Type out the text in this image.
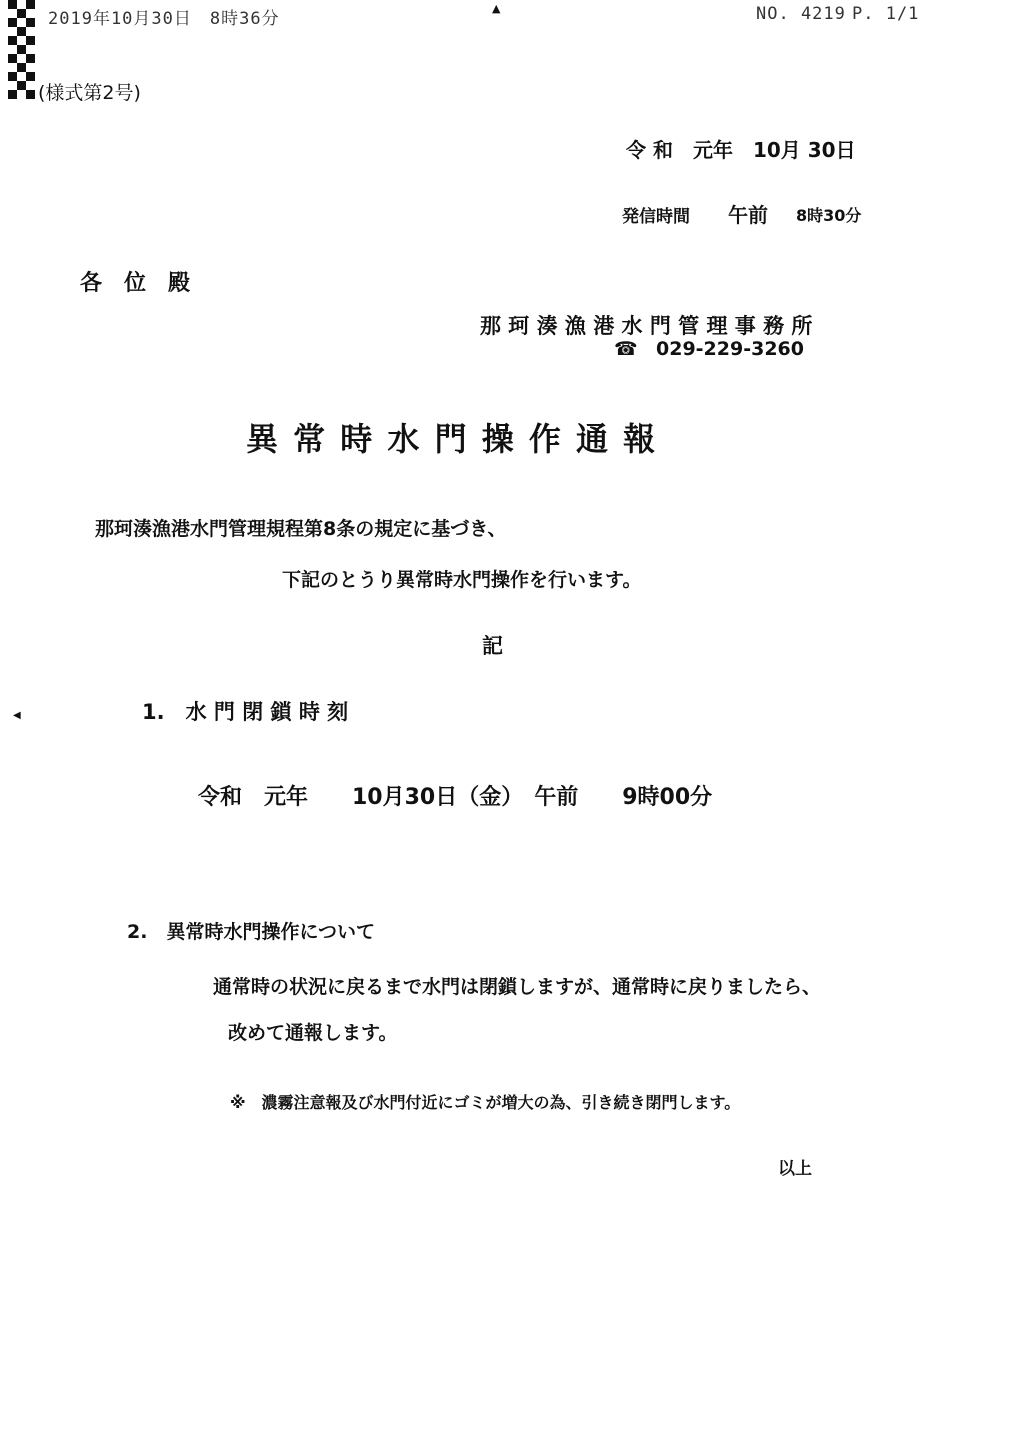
2019年10月30日　8時36分
▲	NO. 4219 P. 1/1
(様式第2号)
令 和　元年　10月 30日
発信時間 午前 8時30分
各　位　殿
那 珂 湊 漁 港 水 門 管 理 事 務 所
☎ 029-229-3260
異 常 時 水 門 操 作 通 報
那珂湊漁港水門管理規程第8条の規定に基づき、
下記のとうり異常時水門操作を行います。
記
◀	1.　水 門 閉 鎖 時 刻
令和　元年　　10月30日（金）　午前　　9時00分
2.　異常時水門操作について
通常時の状況に戻るまで水門は閉鎖しますが、通常時に戻りましたら、
改めて通報します。
※　濃霧注意報及び水門付近にゴミが増大の為、引き続き閉門します。
以上
